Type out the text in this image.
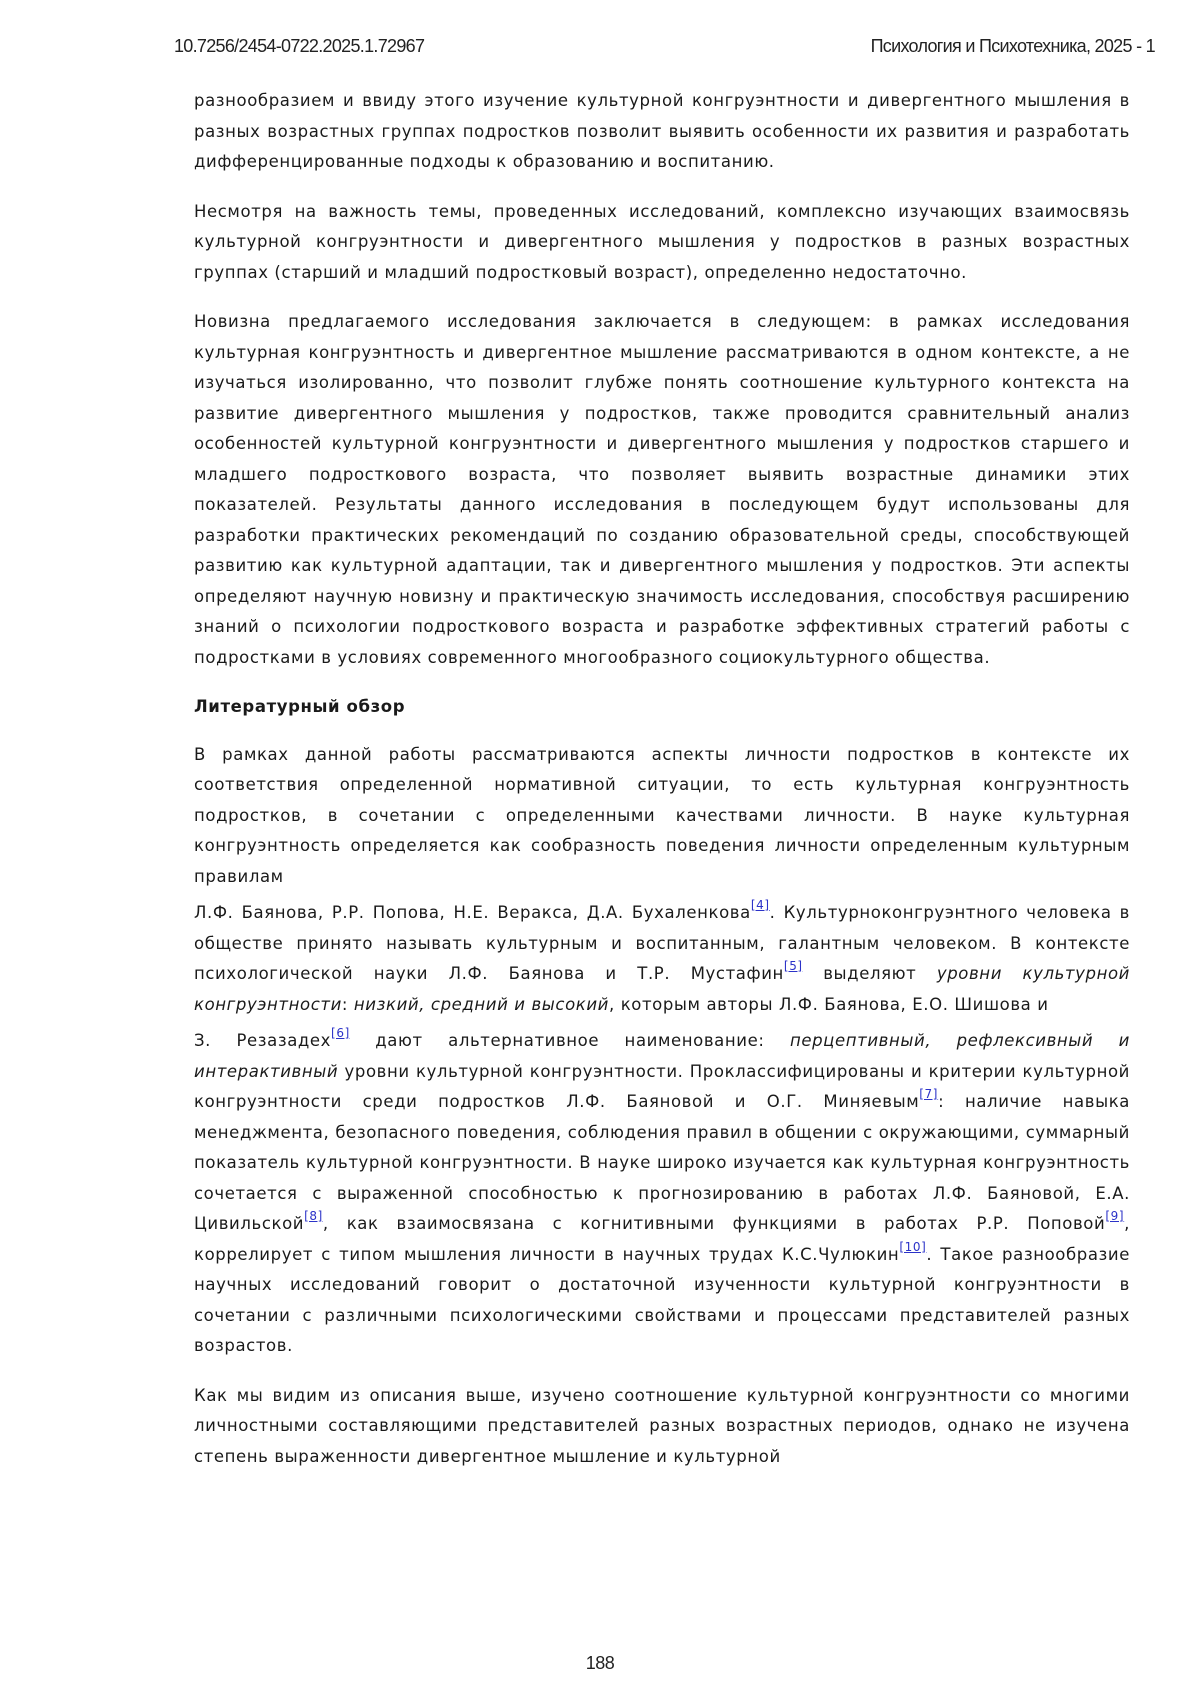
10.7256/2454-0722.2025.1.72967	Психология и Психотехника, 2025 - 1

разнообразием и ввиду этого изучение культурной конгруэнтности и дивергентного мышления в разных возрастных группах подростков позволит выявить особенности их развития и разработать дифференцированные подходы к образованию и воспитанию.

Несмотря на важность темы, проведенных исследований, комплексно изучающих взаимосвязь культурной конгруэнтности и дивергентного мышления у подростков в разных возрастных группах (старший и младший подростковый возраст), определенно недостаточно.

Новизна предлагаемого исследования заключается в следующем: в рамках исследования культурная конгруэнтность и дивергентное мышление рассматриваются в одном контексте, а не изучаться изолированно, что позволит глубже понять соотношение культурного контекста на развитие дивергентного мышления у подростков, также проводится сравнительный анализ особенностей культурной конгруэнтности и дивергентного мышления у подростков старшего и младшего подросткового возраста, что позволяет выявить возрастные динамики этих показателей. Результаты данного исследования в последующем будут использованы для разработки практических рекомендаций по созданию образовательной среды, способствующей развитию как культурной адаптации, так и дивергентного мышления у подростков. Эти аспекты определяют научную новизну и практическую значимость исследования, способствуя расширению знаний о психологии подросткового возраста и разработке эффективных стратегий работы с подростками в условиях современного многообразного социокультурного общества.

Литературный обзор

В рамках данной работы рассматриваются аспекты личности подростков в контексте их соответствия определенной нормативной ситуации, то есть культурная конгруэнтность подростков, в сочетании с определенными качествами личности. В науке культурная конгруэнтность определяется как сообразность поведения личности определенным культурным правилам

Л.Ф. Баянова, Р.Р. Попова, Н.Е. Веракса, Д.А. Бухаленкова[4]. Культурноконгруэнтного человека в обществе принято называть культурным и воспитанным, галантным человеком. В контексте психологической науки Л.Ф. Баянова и Т.Р. Мустафин[5] выделяют уровни культурной конгруэнтности: низкий, средний и высокий, которым авторы Л.Ф. Баянова, Е.О. Шишова и

З. Резазадех[6] дают альтернативное наименование: перцептивный, рефлексивный и интерактивный уровни культурной конгруэнтности. Проклассифицированы и критерии культурной конгруэнтности среди подростков Л.Ф. Баяновой и О.Г. Миняевым[7]: наличие навыка менеджмента, безопасного поведения, соблюдения правил в общении с окружающими, суммарный показатель культурной конгруэнтности. В науке широко изучается как культурная конгруэнтность сочетается с выраженной способностью к прогнозированию в работах Л.Ф. Баяновой, Е.А. Цивильской[8], как взаимосвязана с когнитивными функциями в работах Р.Р. Поповой[9], коррелирует с типом мышления личности в научных трудах К.С.Чулюкин[10]. Такое разнообразие научных исследований говорит о достаточной изученности культурной конгруэнтности в сочетании с различными психологическими свойствами и процессами представителей разных возрастов.

Как мы видим из описания выше, изучено соотношение культурной конгруэнтности со многими личностными составляющими представителей разных возрастных периодов, однако не изучена степень выраженности дивергентное мышление и культурной

188
